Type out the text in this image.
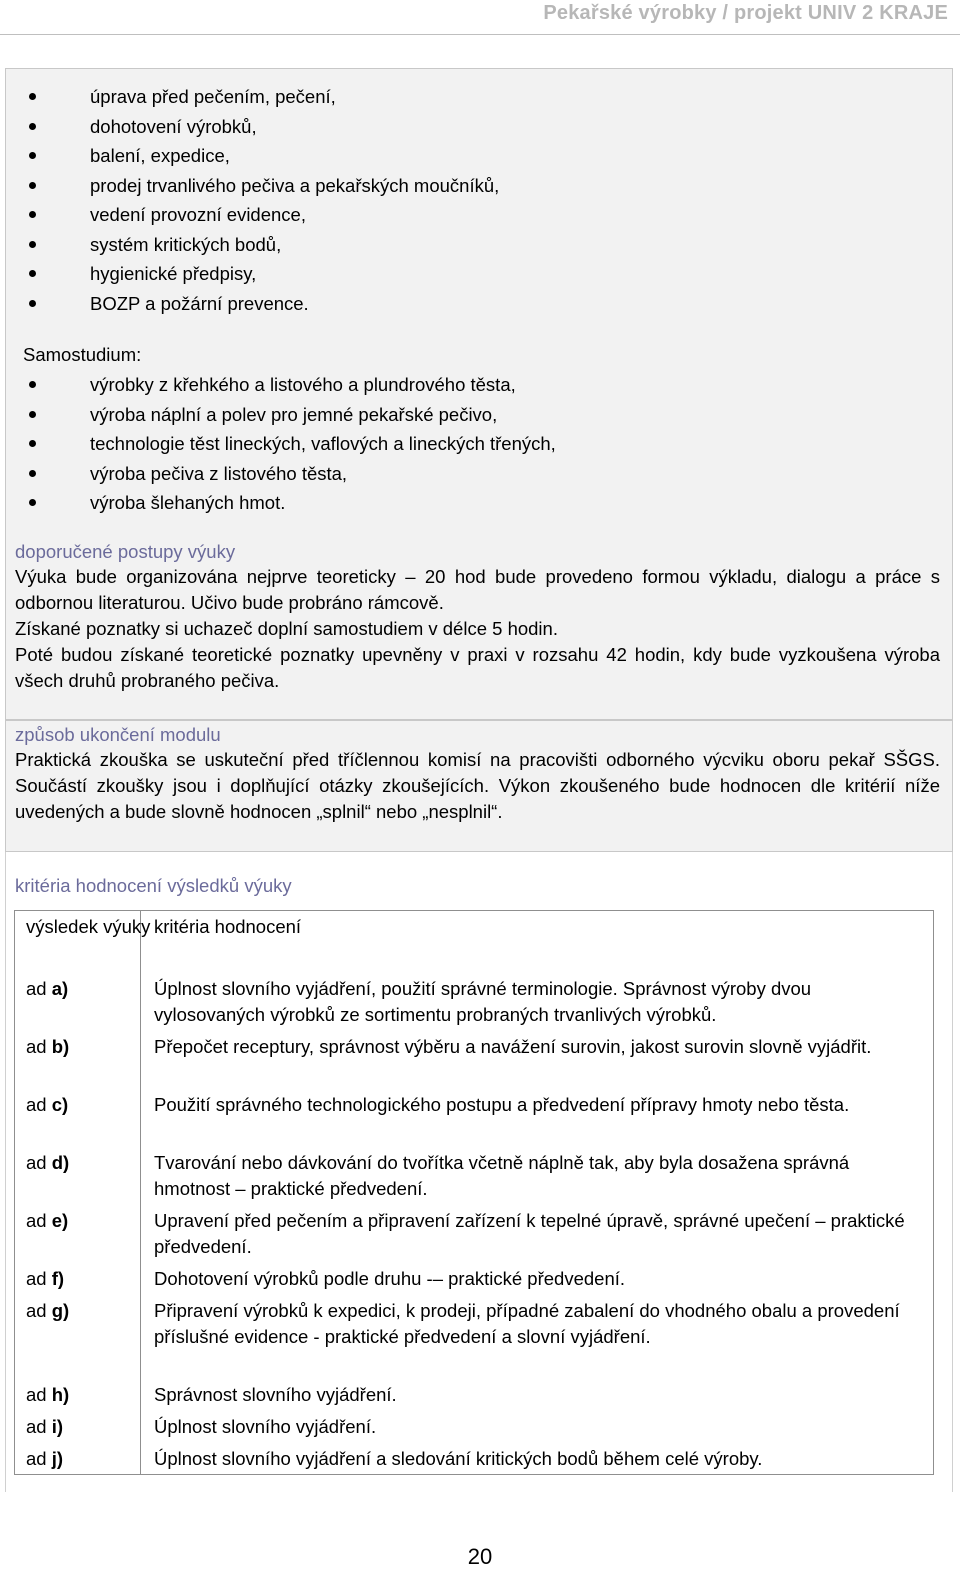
Pekařské výrobky / projekt UNIV 2 KRAJE
úprava před pečením, pečení,
dohotovení výrobků,
balení, expedice,
prodej trvanlivého pečiva a pekařských moučníků,
vedení provozní evidence,
systém kritických bodů,
hygienické předpisy,
BOZP a požární prevence.
Samostudium:
výrobky z křehkého a listového a plundrového těsta,
výroba náplní a polev pro jemné pekařské pečivo,
technologie těst lineckých, vaflových a lineckých třených,
výroba pečiva z listového těsta,
výroba šlehaných hmot.
doporučené postupy výuky
Výuka bude organizována nejprve teoreticky – 20 hod bude provedeno formou výkladu, dialogu a práce s odbornou literaturou. Učivo bude probráno rámcově.
Získané poznatky si uchazeč doplní samostudiem v délce 5 hodin.
Poté budou získané teoretické poznatky upevněny v praxi v rozsahu 42 hodin, kdy bude vyzkoušena výroba všech druhů probraného pečiva.
způsob ukončení modulu
Praktická zkouška se uskuteční před tříčlennou komisí na pracovišti odborného výcviku oboru pekař SŠGS. Součástí zkoušky jsou i doplňující otázky zkoušejících. Výkon zkoušeného bude hodnocen dle kritérií níže uvedených a bude slovně hodnocen „splnil“ nebo „nesplnil“.
kritéria hodnocení výsledků výuky
výsledek výuky	kritéria hodnocení
ad a)	Úplnost slovního vyjádření, použití správné terminologie. Správnost výroby dvou vylosovaných výrobků ze sortimentu probraných trvanlivých výrobků.
ad b)	Přepočet receptury, správnost výběru a navážení surovin, jakost surovin slovně vyjádřit.
ad c)	Použití správného technologického postupu a předvedení přípravy hmoty nebo těsta.
ad d)	Tvarování nebo dávkování do tvořítka včetně náplně tak, aby byla dosažena správná hmotnost – praktické předvedení.
ad e)	Upravení před pečením a připravení zařízení k tepelné úpravě, správné upečení – praktické předvedení.
ad f)	Dohotovení výrobků podle druhu -– praktické předvedení.
ad g)	Připravení výrobků k expedici, k prodeji, případné zabalení do vhodného obalu a provedení příslušné evidence - praktické předvedení a slovní vyjádření.
ad h)	Správnost slovního vyjádření.
ad i)	Úplnost slovního vyjádření.
ad j)	Úplnost slovního vyjádření a sledování kritických bodů během celé výroby.
20
